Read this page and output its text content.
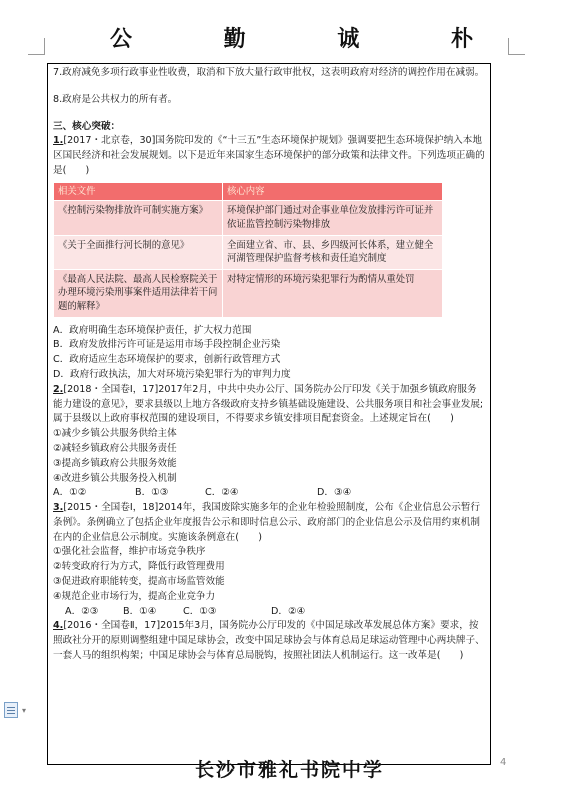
公	勤	诚	朴

7.政府减免多项行政事业性收费，取消和下放大量行政审批权，这表明政府对经济的调控作用在减弱。

8.政府是公共权力的所有者。

三、核心突破：

1.[2017・北京卷，30]国务院印发的《“十三五”生态环境保护规划》强调要把生态环境保护纳入本地区国民经济和社会发展规划。以下是近年来国家生态环境保护的部分政策和法律文件。下列选项正确的是(　　)

相关文件	核心内容
《控制污染物排放许可制实施方案》	环境保护部门通过对企事业单位发放排污许可证并依证监管控制污染物排放
《关于全面推行河长制的意见》	全面建立省、市、县、乡四级河长体系，建立健全河湖管理保护监督考核和责任追究制度
《最高人民法院、最高人民检察院关于办理环境污染刑事案件适用法律若干问题的解释》	对特定情形的环境污染犯罪行为酌情从重处罚

A．政府明确生态环境保护责任，扩大权力范围

B．政府发放排污许可证是运用市场手段控制企业污染

C．政府适应生态环境保护的要求，创新行政管理方式

D．政府行政执法，加大对环境污染犯罪行为的审判力度

2.[2018・全国卷Ⅰ，17]2017年2月，中共中央办公厅、国务院办公厅印发《关于加强乡镇政府服务能力建设的意见》，要求县级以上地方各级政府支持乡镇基础设施建设、公共服务项目和社会事业发展;属于县级以上政府事权范围的建设项目，不得要求乡镇安排项目配套资金。上述规定旨在(　　)

①减少乡镇公共服务供给主体

②减轻乡镇政府公共服务责任

③提高乡镇政府公共服务效能

④改进乡镇公共服务投入机制

A．①②	B．①③	C．②④	D．③④

3.[2015・全国卷Ⅰ，18]2014年，我国废除实施多年的企业年检验照制度，公布《企业信息公示暂行条例》。条例确立了包括企业年度报告公示和即时信息公示、政府部门的企业信息公示及信用约束机制在内的企业信息公示制度。实施该条例意在(　　)

①强化社会监督，维护市场竞争秩序

②转变政府行为方式，降低行政管理费用

③促进政府职能转变，提高市场监管效能

④规范企业市场行为，提高企业竞争力

A．②③	B．①④	C．①③	D．②④

4.[2016・全国卷Ⅱ，17]2015年3月，国务院办公厅印发的《中国足球改革发展总体方案》要求，按照政社分开的原则调整组建中国足球协会，改变中国足球协会与体育总局足球运动管理中心两块牌子、一套人马的组织构架；中国足球协会与体育总局脱钩，按照社团法人机制运行。这一改革是(　　)

▾
长沙市雅礼书院中学	4
